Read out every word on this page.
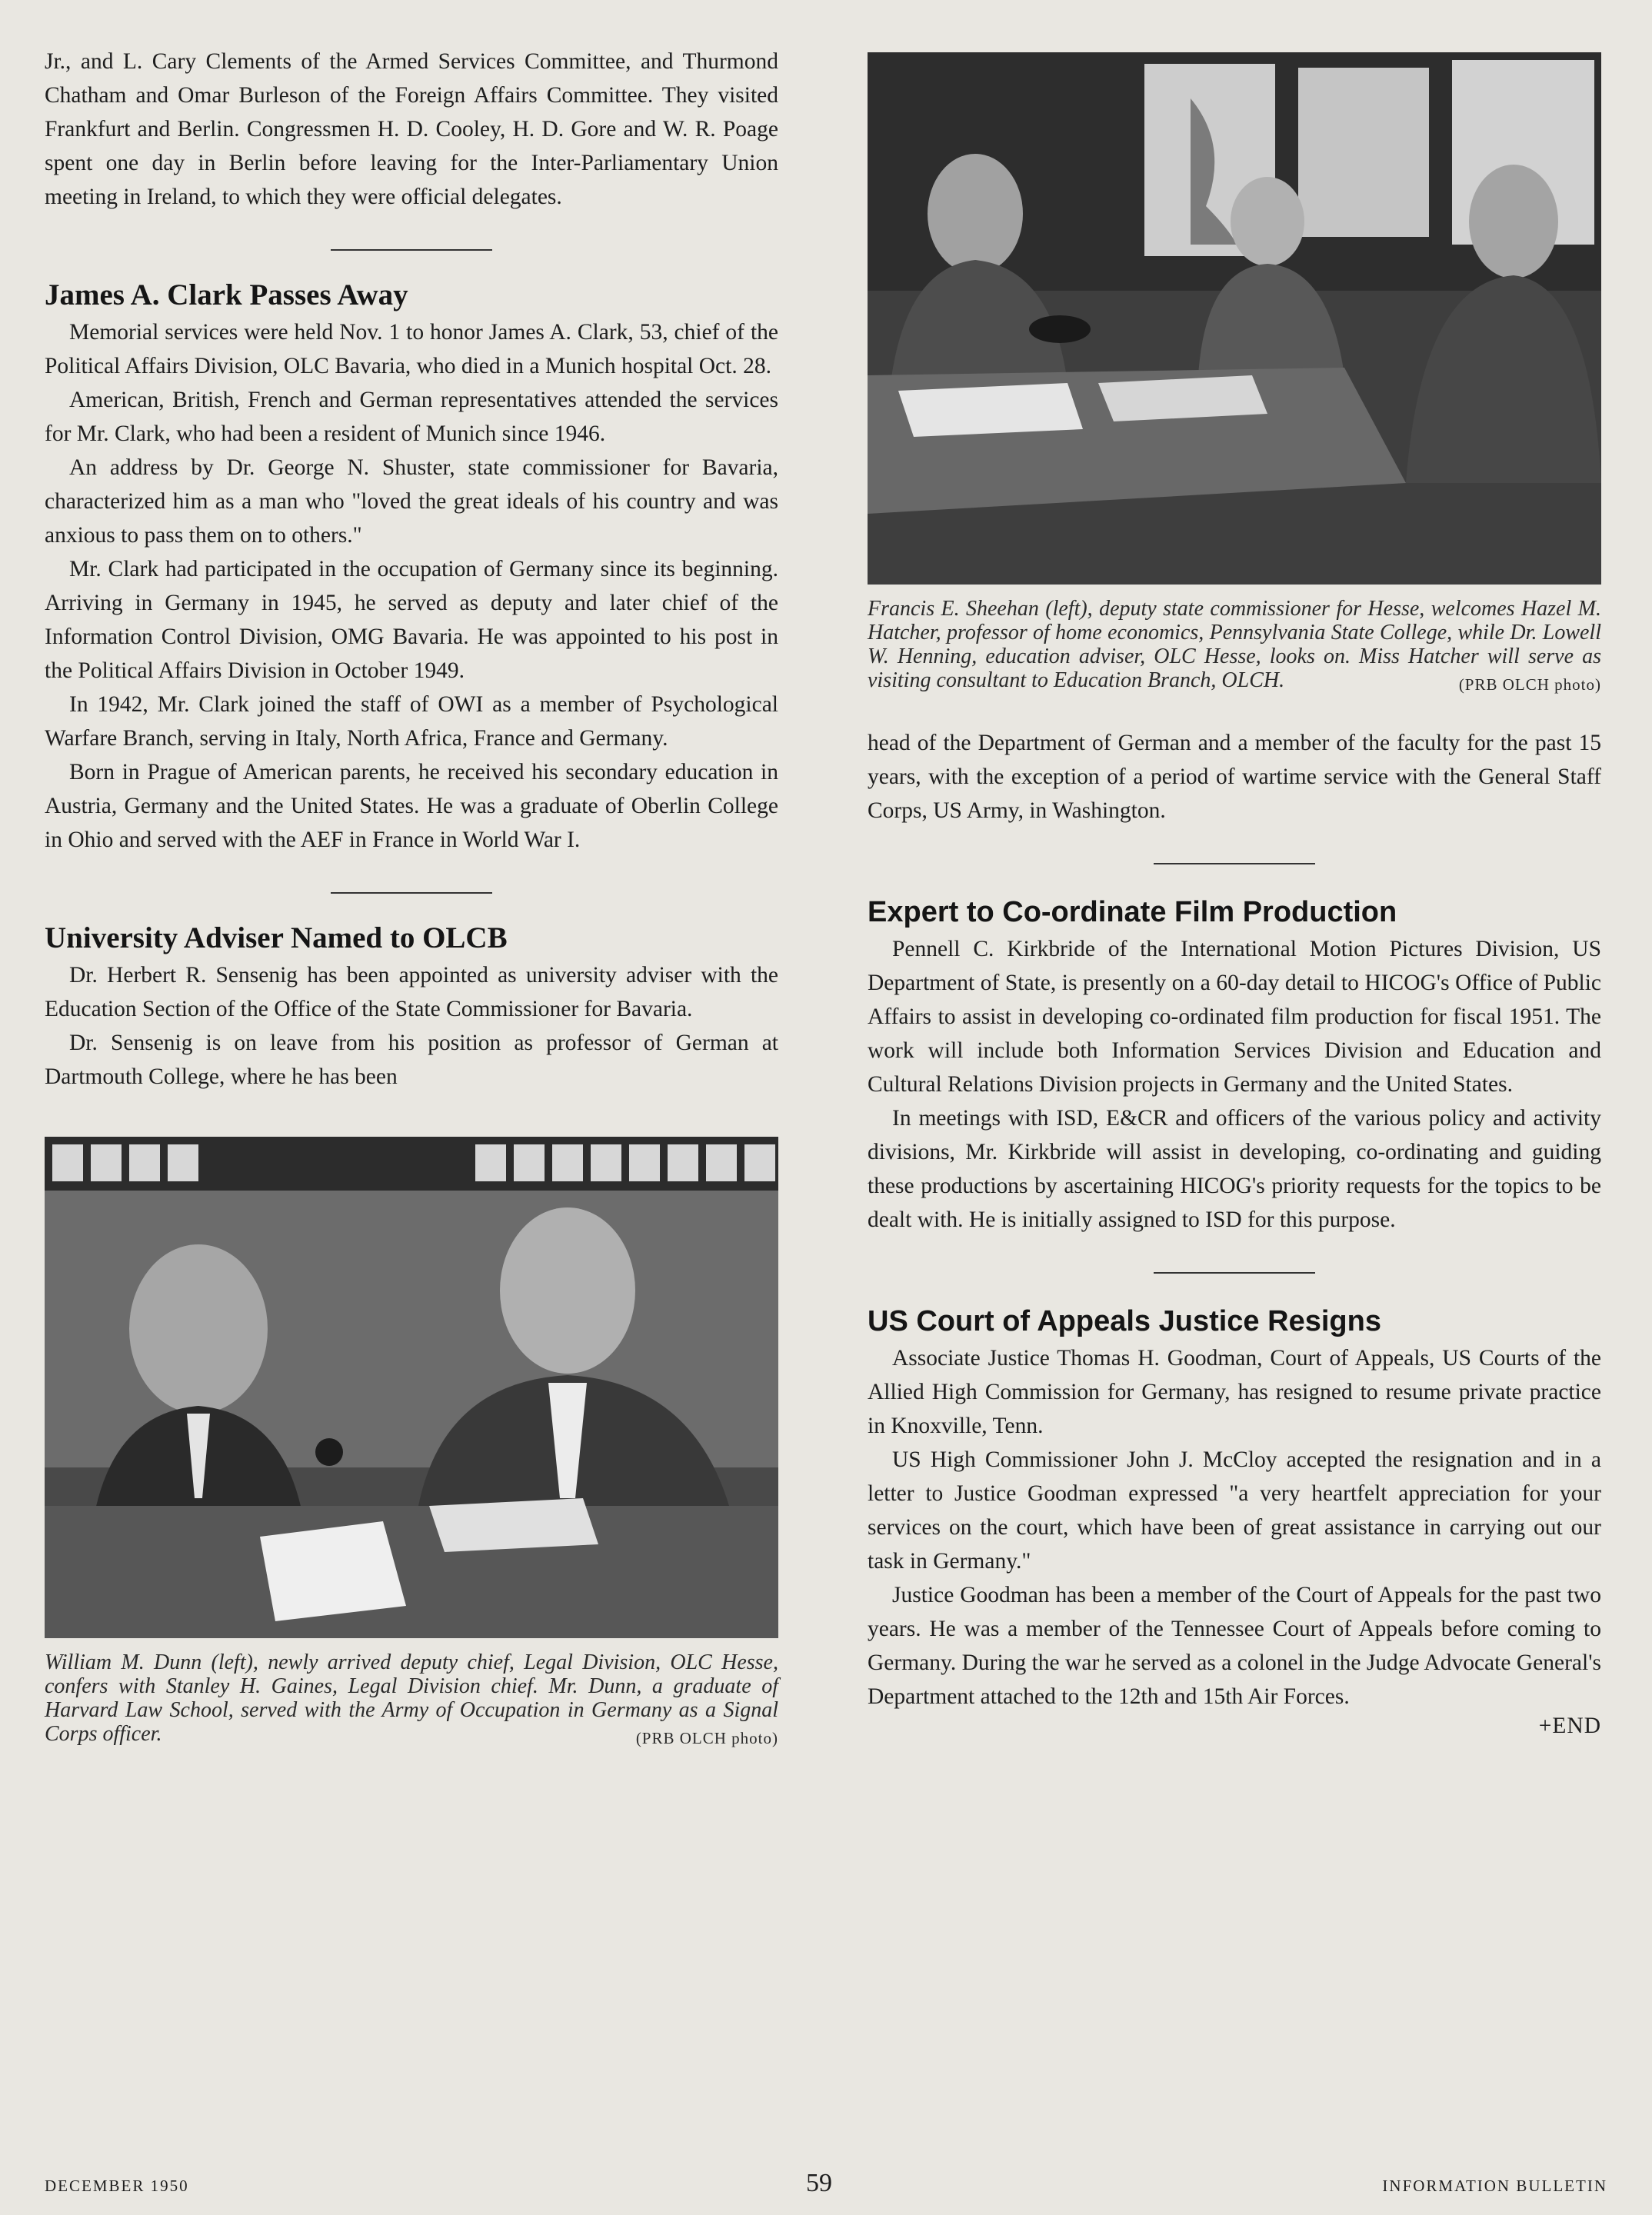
Jr., and L. Cary Clements of the Armed Services Committee, and Thurmond Chatham and Omar Burleson of the Foreign Affairs Committee. They visited Frankfurt and Berlin. Congressmen H. D. Cooley, H. D. Gore and W. R. Poage spent one day in Berlin before leaving for the Inter-Parliamentary Union meeting in Ireland, to which they were official delegates.

James A. Clark Passes Away

Memorial services were held Nov. 1 to honor James A. Clark, 53, chief of the Political Affairs Division, OLC Bavaria, who died in a Munich hospital Oct. 28.

American, British, French and German representatives attended the services for Mr. Clark, who had been a resident of Munich since 1946.

An address by Dr. George N. Shuster, state commissioner for Bavaria, characterized him as a man who "loved the great ideals of his country and was anxious to pass them on to others."

Mr. Clark had participated in the occupation of Germany since its beginning. Arriving in Germany in 1945, he served as deputy and later chief of the Information Control Division, OMG Bavaria. He was appointed to his post in the Political Affairs Division in October 1949.

In 1942, Mr. Clark joined the staff of OWI as a member of Psychological Warfare Branch, serving in Italy, North Africa, France and Germany.

Born in Prague of American parents, he received his secondary education in Austria, Germany and the United States. He was a graduate of Oberlin College in Ohio and served with the AEF in France in World War I.

University Adviser Named to OLCB

Dr. Herbert R. Sensenig has been appointed as university adviser with the Education Section of the Office of the State Commissioner for Bavaria.

Dr. Sensenig is on leave from his position as professor of German at Dartmouth College, where he has been

William M. Dunn (left), newly arrived deputy chief, Legal Division, OLC Hesse, confers with Stanley H. Gaines, Legal Division chief. Mr. Dunn, a graduate of Harvard Law School, served with the Army of Occupation in Germany as a Signal Corps officer.	(PRB OLCH photo)
Francis E. Sheehan (left), deputy state commissioner for Hesse, welcomes Hazel M. Hatcher, professor of home economics, Pennsylvania State College, while Dr. Lowell W. Henning, education adviser, OLC Hesse, looks on. Miss Hatcher will serve as visiting consultant to Education Branch, OLCH.	(PRB OLCH photo)

head of the Department of German and a member of the faculty for the past 15 years, with the exception of a period of wartime service with the General Staff Corps, US Army, in Washington.

Expert to Co-ordinate Film Production

Pennell C. Kirkbride of the International Motion Pictures Division, US Department of State, is presently on a 60-day detail to HICOG's Office of Public Affairs to assist in developing co-ordinated film production for fiscal 1951. The work will include both Information Services Division and Education and Cultural Relations Division projects in Germany and the United States.

In meetings with ISD, E&CR and officers of the various policy and activity divisions, Mr. Kirkbride will assist in developing, co-ordinating and guiding these productions by ascertaining HICOG's priority requests for the topics to be dealt with. He is initially assigned to ISD for this purpose.

US Court of Appeals Justice Resigns

Associate Justice Thomas H. Goodman, Court of Appeals, US Courts of the Allied High Commission for Germany, has resigned to resume private practice in Knoxville, Tenn.

US High Commissioner John J. McCloy accepted the resignation and in a letter to Justice Goodman expressed "a very heartfelt appreciation for your services on the court, which have been of great assistance in carrying out our task in Germany."

Justice Goodman has been a member of the Court of Appeals for the past two years. He was a member of the Tennessee Court of Appeals before coming to Germany. During the war he served as a colonel in the Judge Advocate General's Department attached to the 12th and 15th Air Forces.

+END
DECEMBER 1950	59	INFORMATION BULLETIN
